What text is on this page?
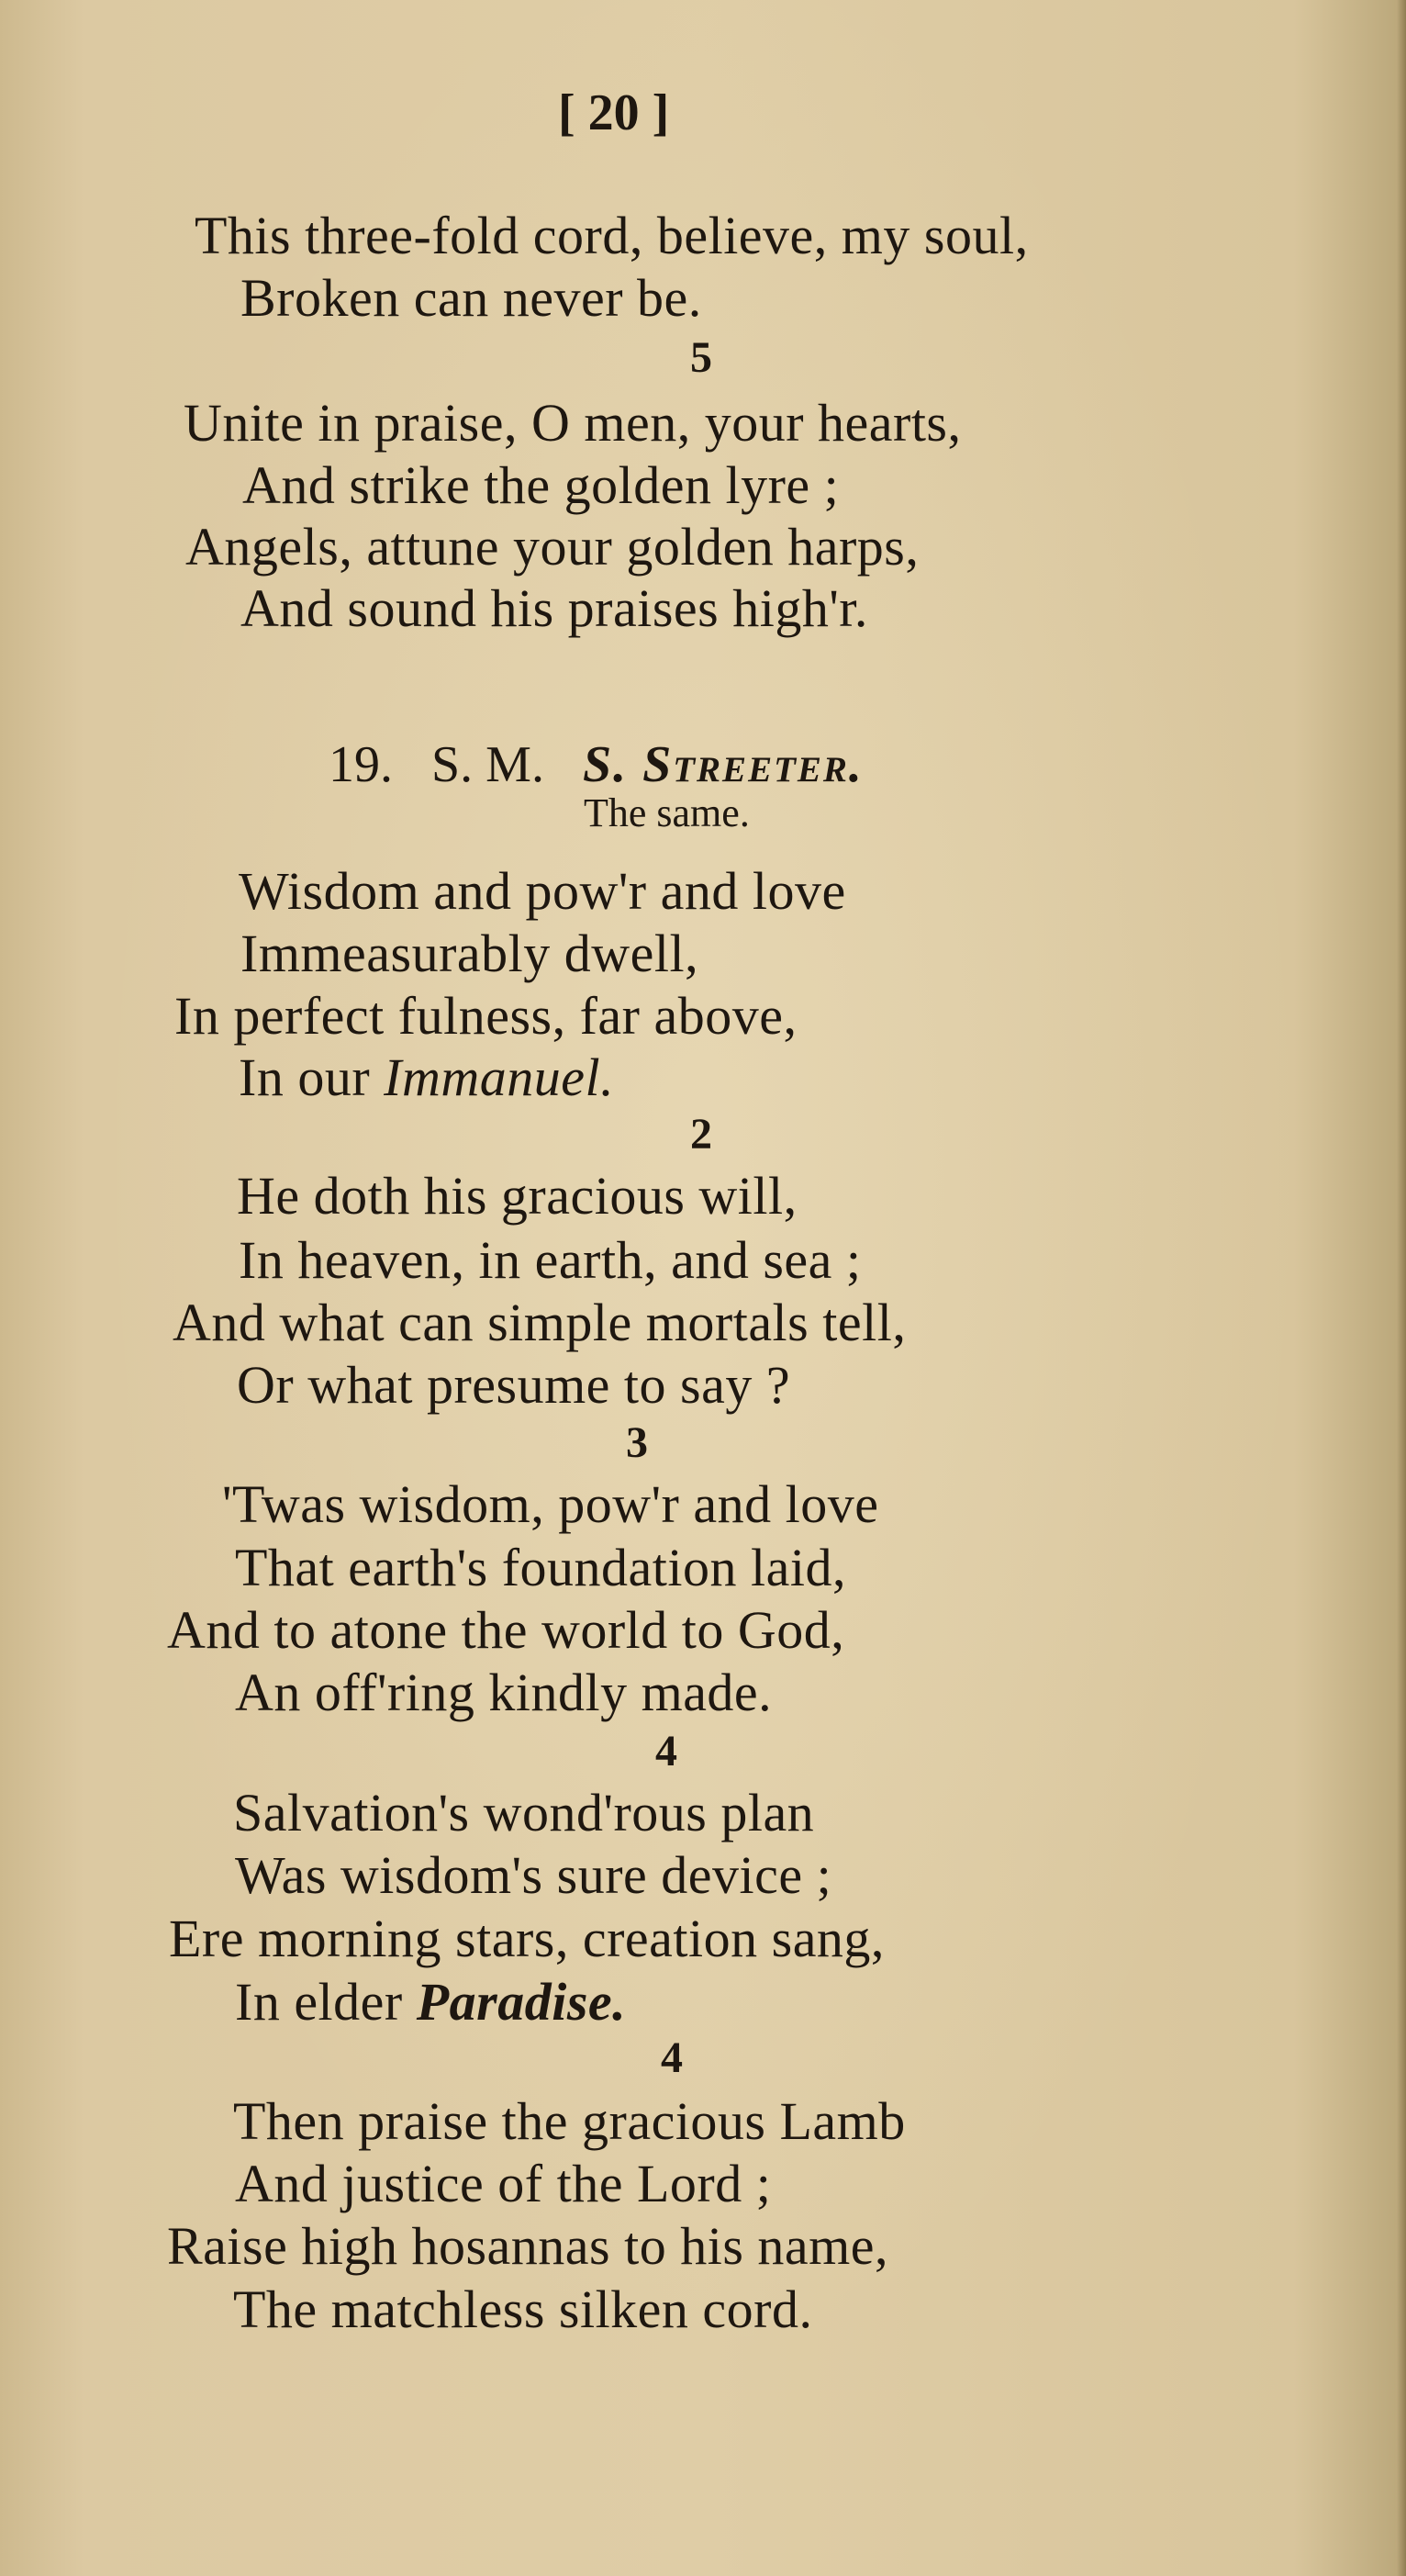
[ 20 ]
This three-fold cord, believe, my soul,
Broken can never be.
5
Unite in praise, O men, your hearts,
And strike the golden lyre ;
Angels, attune your golden harps,
And sound his praises high'r.
19. S. M. S. Streeter.
The same.
Wisdom and pow'r and love
Immeasurably dwell,
In perfect fulness, far above,
In our Immanuel.
2
He doth his gracious will,
In heaven, in earth, and sea ;
And what can simple mortals tell,
Or what presume to say ?
3
'Twas wisdom, pow'r and love
That earth's foundation laid,
And to atone the world to God,
An off'ring kindly made.
4
Salvation's wond'rous plan
Was wisdom's sure device ;
Ere morning stars, creation sang,
In elder Paradise.
4
Then praise the gracious Lamb
And justice of the Lord ;
Raise high hosannas to his name,
The matchless silken cord.
